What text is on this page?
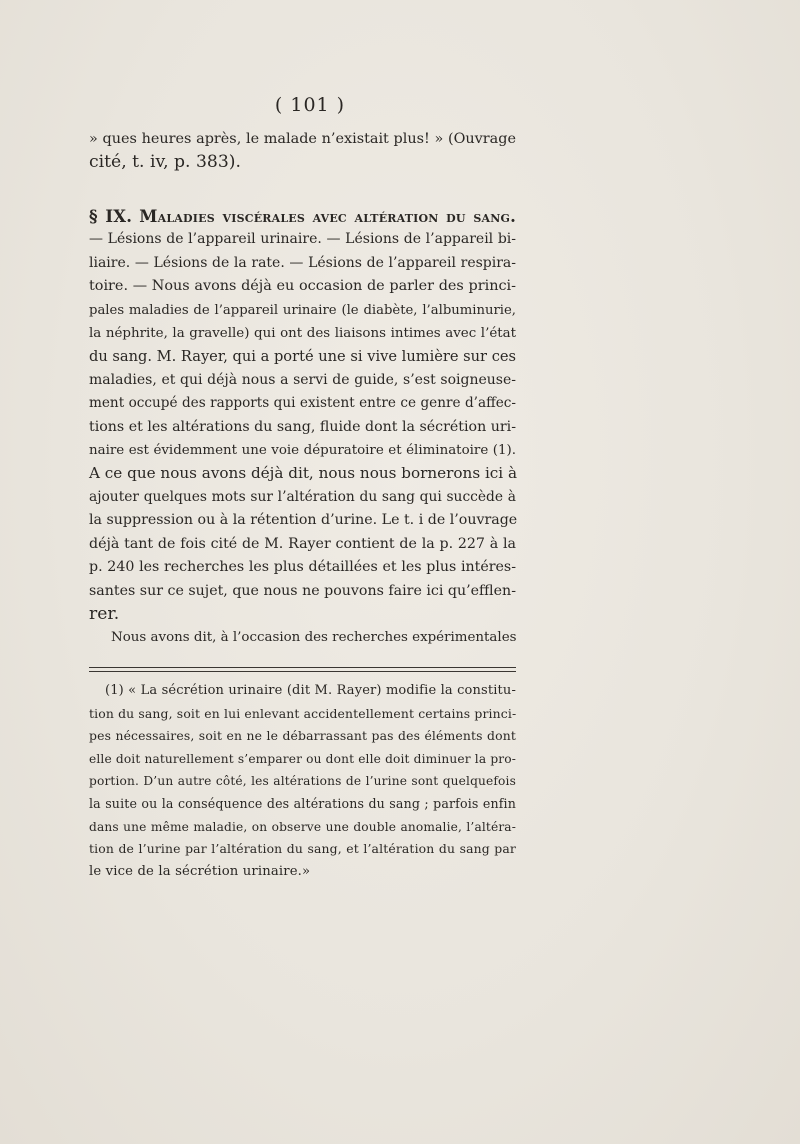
( 101 )
» ques heures après, le malade n’existait plus! » (Ouvrage
cité, t. iv, p. 383).
§ IX. Maladies viscérales avec altération du sang.
— Lésions de l’appareil urinaire. — Lésions de l’appareil bi-
liaire. — Lésions de la rate. — Lésions de l’appareil respira-
toire. — Nous avons déjà eu occasion de parler des princi-
pales maladies de l’appareil urinaire (le diabète, l’albuminurie,
la néphrite, la gravelle) qui ont des liaisons intimes avec l’état
du sang. M. Rayer, qui a porté une si vive lumière sur ces
maladies, et qui déjà nous a servi de guide, s’est soigneuse-
ment occupé des rapports qui existent entre ce genre d’affec-
tions et les altérations du sang, fluide dont la sécrétion uri-
naire est évidemment une voie dépuratoire et éliminatoire (1).
A ce que nous avons déjà dit, nous nous bornerons ici à
ajouter quelques mots sur l’altération du sang qui succède à
la suppression ou à la rétention d’urine. Le t. i de l’ouvrage
déjà tant de fois cité de M. Rayer contient de la p. 227 à la
p. 240 les recherches les plus détaillées et les plus intéres-
santes sur ce sujet, que nous ne pouvons faire ici qu’efflen-
rer.
Nous avons dit, à l’occasion des recherches expérimentales
(1) « La sécrétion urinaire (dit M. Rayer) modifie la constitu-
tion du sang, soit en lui enlevant accidentellement certains princi-
pes nécessaires, soit en ne le débarrassant pas des éléments dont
elle doit naturellement s’emparer ou dont elle doit diminuer la pro-
portion. D’un autre côté, les altérations de l’urine sont quelquefois
la suite ou la conséquence des altérations du sang ; parfois enfin
dans une même maladie, on observe une double anomalie, l’altéra-
tion de l’urine par l’altération du sang, et l’altération du sang par
le vice de la sécrétion urinaire.»
